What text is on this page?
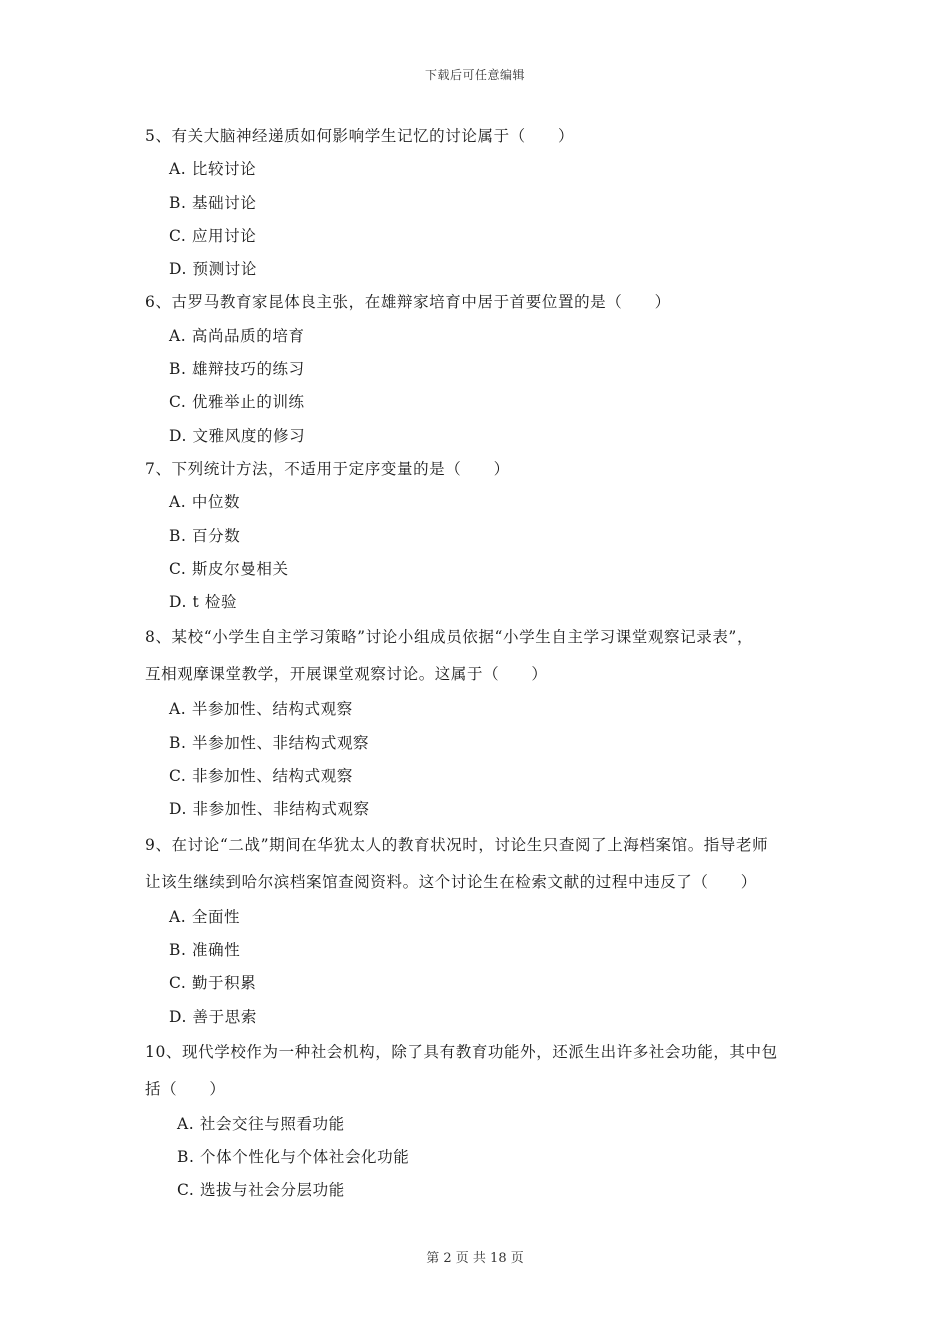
下载后可任意编辑
5、有关大脑神经递质如何影响学生记忆的讨论属于（　　）
A. 比较讨论
B. 基础讨论
C. 应用讨论
D. 预测讨论
6、古罗马教育家昆体良主张，在雄辩家培育中居于首要位置的是（　　）
A. 高尚品质的培育
B. 雄辩技巧的练习
C. 优雅举止的训练
D. 文雅风度的修习
7、下列统计方法，不适用于定序变量的是（　　）
A. 中位数
B. 百分数
C. 斯皮尔曼相关
D. t 检验
8、某校“小学生自主学习策略”讨论小组成员依据“小学生自主学习课堂观察记录表”，
互相观摩课堂教学，开展课堂观察讨论。这属于（　　）
A. 半参加性、结构式观察
B. 半参加性、非结构式观察
C. 非参加性、结构式观察
D. 非参加性、非结构式观察
9、在讨论“二战”期间在华犹太人的教育状况时，讨论生只查阅了上海档案馆。指导老师
让该生继续到哈尔滨档案馆查阅资料。这个讨论生在检索文献的过程中违反了（　　）
A. 全面性
B. 准确性
C. 勤于积累
D. 善于思索
10、现代学校作为一种社会机构，除了具有教育功能外，还派生出许多社会功能，其中包
括（　　）
A. 社会交往与照看功能
B. 个体个性化与个体社会化功能
C. 选拔与社会分层功能
第 2 页 共 18 页
